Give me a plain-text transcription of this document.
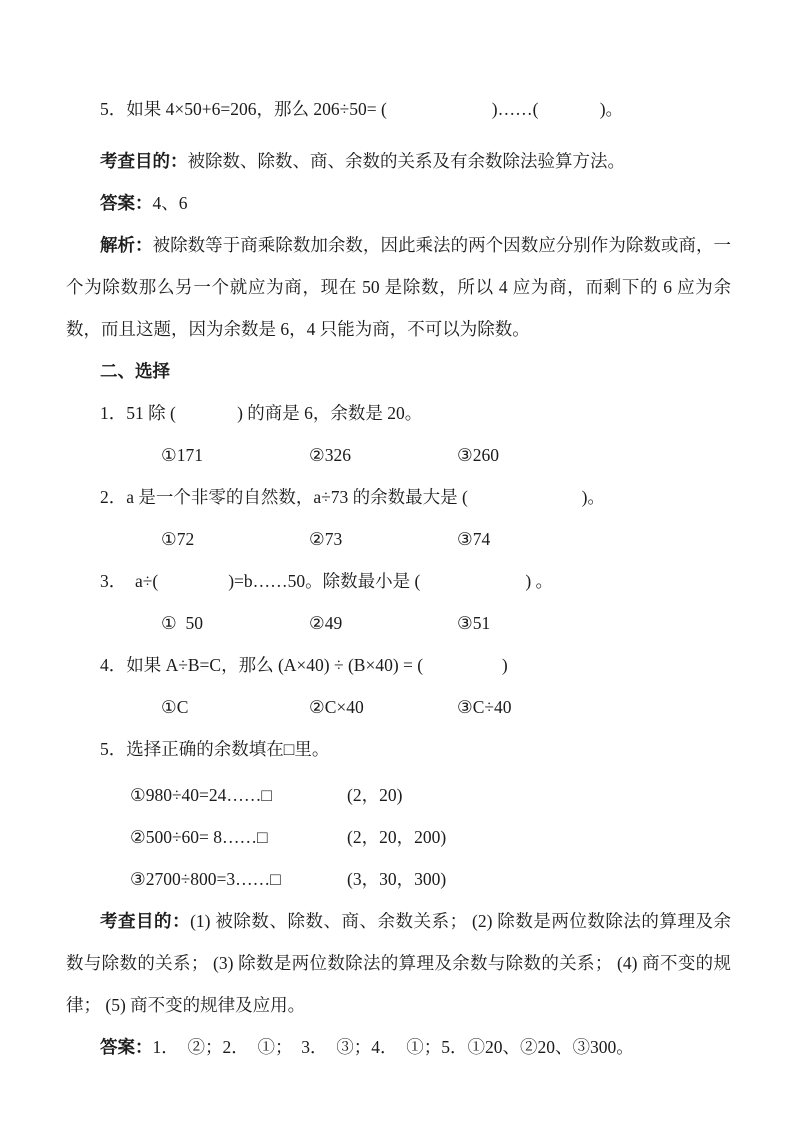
5．如果 4×50+6=206，那么 206÷50= (                        )……(              )。

考查目的：被除数、除数、商、余数的关系及有余数除法验算方法。

答案：4、6

解析：被除数等于商乘除数加余数，因此乘法的两个因数应分别作为除数或商，一个为除数那么另一个就应为商，现在 50 是除数，所以 4 应为商，而剩下的 6 应为余数，而且这题，因为余数是 6，4 只能为商，不可以为除数。

二、选择

1．51 除 (              ) 的商是 6，余数是 20。

①171	②326	③260

2．a 是一个非零的自然数，a÷73 的余数最大是 (                          )。

①72	②73	③74

3．  a÷(                )=b……50。除数最小是 (                        ) 。

①  50	②49	③51

4．如果 A÷B=C，那么 (A×40) ÷ (B×40) = (                  )

①C	②C×40	③C÷40

5．选择正确的余数填在□里。

①980÷40=24……□	(2，20)
②500÷60= 8……□	(2，20，200)
③2700÷800=3……□	(3，30，300)

考查目的：(1) 被除数、除数、商、余数关系； (2) 除数是两位数除法的算理及余数与除数的关系； (3) 除数是两位数除法的算理及余数与除数的关系； (4) 商不变的规律； (5) 商不变的规律及应用。

答案：1．  ②；2．  ①；  3．  ③；4．  ①；5．①20、②20、③300。
